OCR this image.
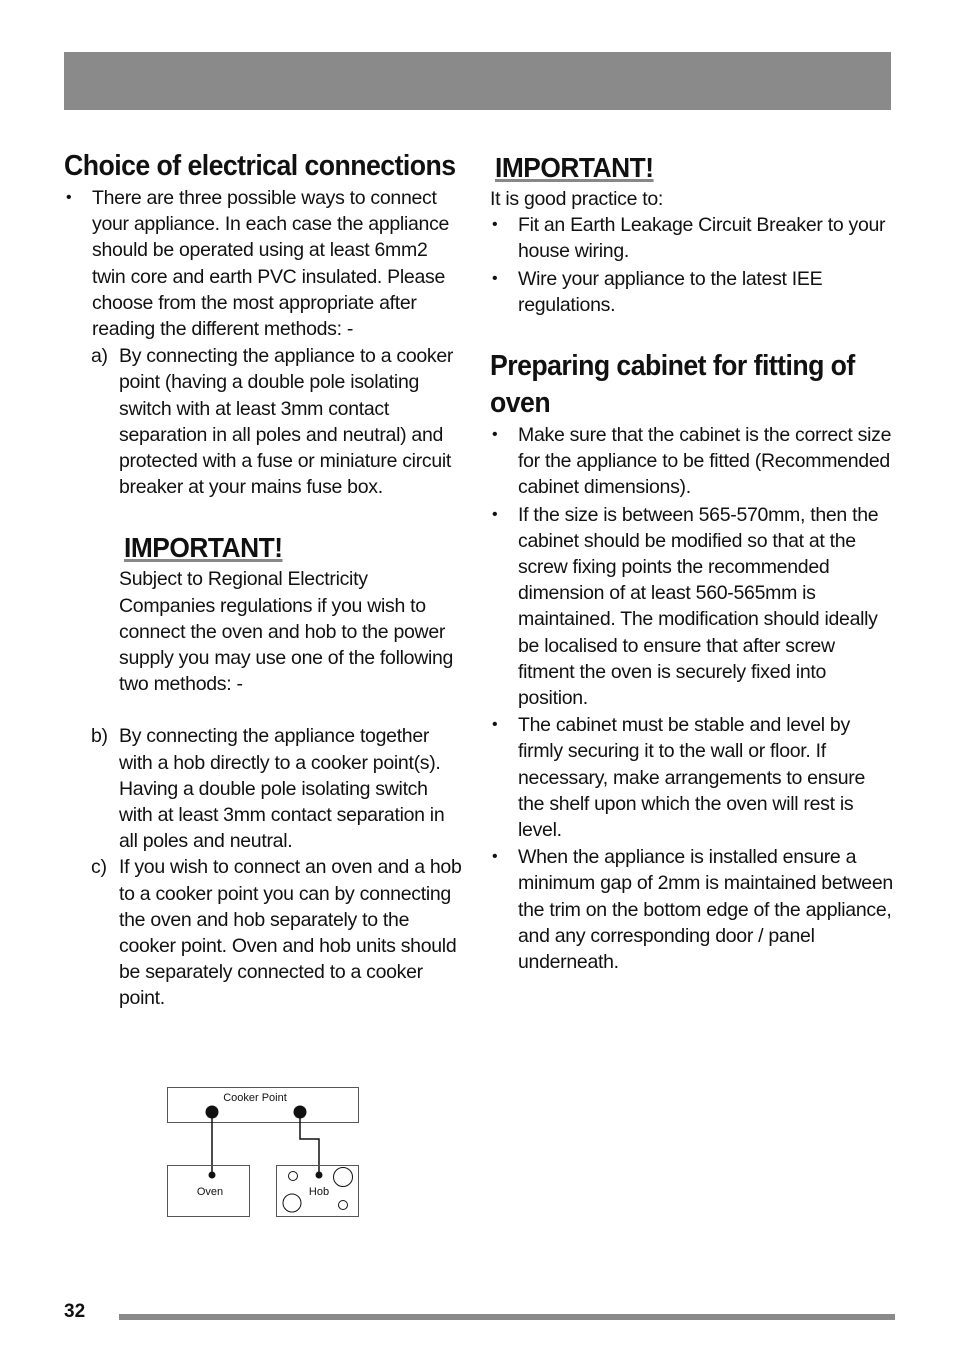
Choice of electrical connections
• There are three possible ways to connect your appliance. In each case the appliance should be operated using at least 6mm2 twin core and earth PVC insulated. Please choose from the most appropriate after reading the different methods: -
a) By connecting the appliance to a cooker point (having a double pole isolating switch with at least 3mm contact separation in all poles and neutral) and protected with a fuse or miniature circuit breaker at your mains fuse box.
IMPORTANT!
Subject to Regional Electricity Companies regulations if you wish to connect the oven and hob to the power supply you may use one of the following two methods: -
b) By connecting the appliance together with a hob directly to a cooker point(s). Having a double pole isolating switch with at least 3mm contact separation in all poles and neutral.
c) If you wish to connect an oven and a hob to a cooker point you can by connecting the oven and hob separately to the cooker point. Oven and hob units should be separately connected to a cooker point.
IMPORTANT!
It is good practice to:
• Fit an Earth Leakage Circuit Breaker to your house wiring.
• Wire your appliance to the latest IEE regulations.
Preparing cabinet for fitting of oven
• Make sure that the cabinet is the correct size for the appliance to be fitted (Recommended cabinet dimensions).
• If the size is between 565-570mm, then the cabinet should be modified so that at the screw fixing points the recommended dimension of at least 560-565mm is maintained. The modification should ideally be localised to ensure that after screw fitment the oven is securely fixed into position.
• The cabinet must be stable and level by firmly securing it to the wall or floor. If necessary, make arrangements to ensure the shelf upon which the oven will rest is level.
• When the appliance is installed ensure a minimum gap of 2mm is maintained between the trim on the bottom edge of the appliance, and any corresponding door / panel underneath.
Cooker Point
Oven	Hob
32
